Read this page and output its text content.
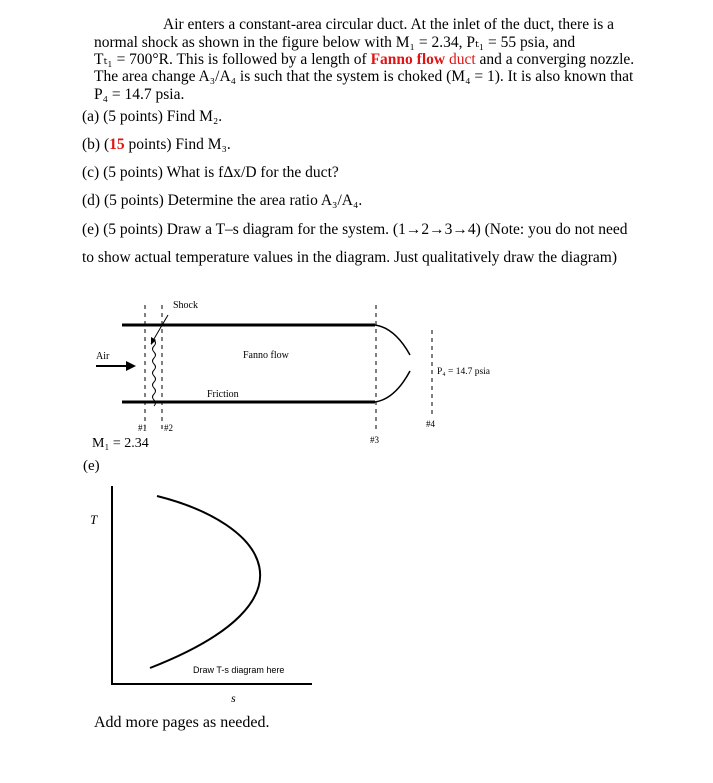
Air enters a constant-area circular duct. At the inlet of the duct, there is a
normal shock as shown in the figure below with M₁ = 2.34, Pₜ₁ = 55 psia, and
Tₜ₁ = 700°R. This is followed by a length of Fanno flow duct and a converging nozzle.
The area change A₃/A₄ is such that the system is choked (M₄ = 1). It is also known that
P₄ = 14.7 psia.
(a) (5 points) Find M₂.
(b) (15 points) Find M₃.
(c) (5 points) What is fΔx/D for the duct?
(d) (5 points) Determine the area ratio A₃/A₄.
(e) (5 points) Draw a T–s diagram for the system. (1→2→3→4) (Note: you do not need
to show actual temperature values in the diagram. Just qualitatively draw the diagram)
Shock
Fanno flow
Air
Friction
P₄ = 14.7 psia
#1 #2
#3
#4
M₁ = 2.34
(e)
T
Draw T-s diagram here
s
Add more pages as needed.
